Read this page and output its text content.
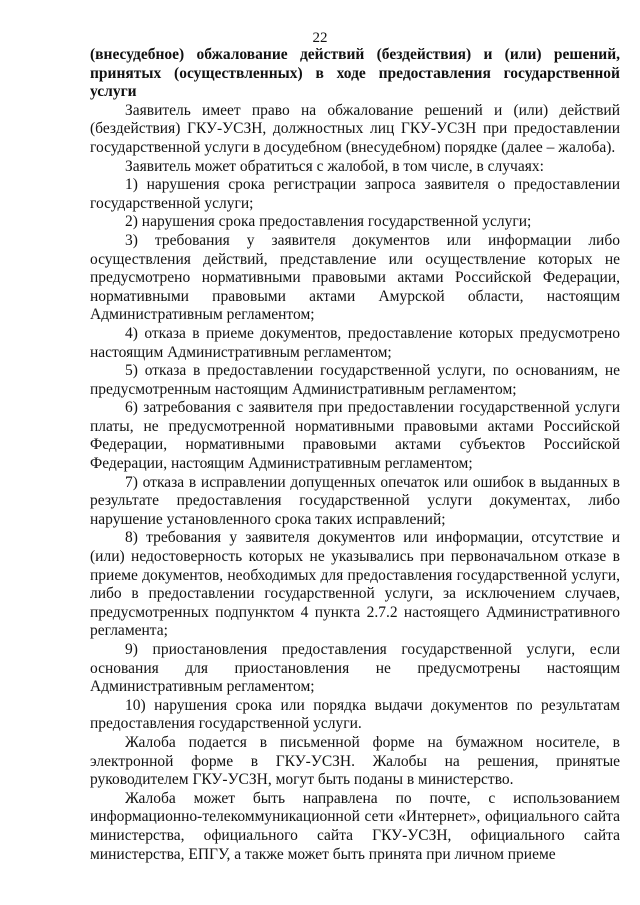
22

(внесудебное) обжалование действий (бездействия) и (или) решений, принятых (осуществленных) в ходе предоставления государственной услуги

Заявитель имеет право на обжалование решений и (или) действий (бездействия) ГКУ-УСЗН, должностных лиц ГКУ-УСЗН при предоставлении государственной услуги в досудебном (внесудебном) порядке (далее – жалоба).

Заявитель может обратиться с жалобой, в том числе, в случаях:

1) нарушения срока регистрации запроса заявителя о предоставлении государственной услуги;

2) нарушения срока предоставления государственной услуги;

3) требования у заявителя документов или информации либо осуществления действий, представление или осуществление которых не предусмотрено нормативными правовыми актами Российской Федерации, нормативными правовыми актами Амурской области, настоящим Административным регламентом;

4) отказа в приеме документов, предоставление которых предусмотрено настоящим Административным регламентом;

5) отказа в предоставлении государственной услуги, по основаниям, не предусмотренным настоящим Административным регламентом;

6) затребования с заявителя при предоставлении государственной услуги платы, не предусмотренной нормативными правовыми актами Российской Федерации, нормативными правовыми актами субъектов Российской Федерации, настоящим Административным регламентом;

7) отказа в исправлении допущенных опечаток или ошибок в выданных в результате предоставления государственной услуги документах, либо нарушение установленного срока таких исправлений;

8) требования у заявителя документов или информации, отсутствие и (или) недостоверность которых не указывались при первоначальном отказе в приеме документов, необходимых для предоставления государственной услуги, либо в предоставлении государственной услуги, за исключением случаев, предусмотренных подпунктом 4 пункта 2.7.2 настоящего Административного регламента;

9) приостановления предоставления государственной услуги, если основания для приостановления не предусмотрены настоящим Административным регламентом;

10) нарушения срока или порядка выдачи документов по результатам предоставления государственной услуги.

Жалоба подается в письменной форме на бумажном носителе, в электронной форме в ГКУ-УСЗН. Жалобы на решения, принятые руководителем ГКУ-УСЗН, могут быть поданы в министерство.

Жалоба может быть направлена по почте, с использованием информационно-телекоммуникационной сети «Интернет», официального сайта министерства, официального сайта ГКУ-УСЗН, официального сайта министерства, ЕПГУ, а также может быть принята при личном приеме
